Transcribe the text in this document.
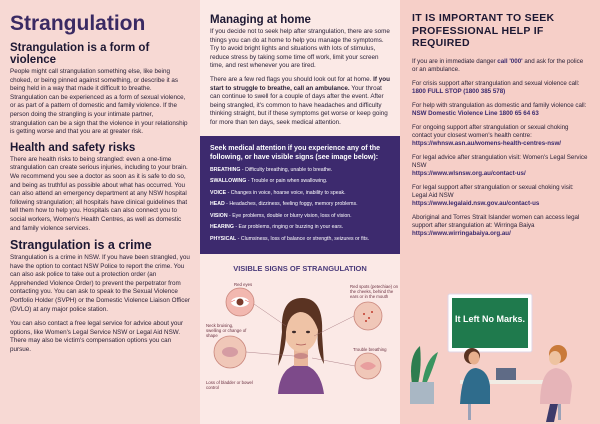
Strangulation
Strangulation is a form of violence

People might call strangulation something else, like being choked, or being pinned against something, or describe it as being held in a way that made it difficult to breathe. Strangulation can be experienced as a form of sexual violence, or as part of a pattern of domestic and family violence. If the person doing the strangling is your intimate partner, strangulation can be a sign that the violence in your relationship is getting worse and that you are at greater risk.

Health and safety risks

There are health risks to being strangled: even a one-time strangulation can create serious injuries, including to your brain. We recommend you see a doctor as soon as it is safe to do so, and being as truthful as possible about what has occurred. You can also attend an emergency department at any NSW hospital following strangulation; all hospitals have clinical guidelines that tell them how to help you. Hospitals can also connect you to social workers, Women's Health Centres, as well as domestic and family violence services.

Strangulation is a crime

Strangulation is a crime in NSW. If you have been strangled, you have the option to contact NSW Police to report the crime. You can also ask police to take out a protection order (an Apprehended Violence Order) to prevent the perpetrator from contacting you. You can ask to speak to the Sexual Violence Portfolio Holder (SVPH) or the Domestic Violence Liaison Officer (DVLO) at any major police station.

You can also contact a free legal service for advice about your options, like Women's Legal Service NSW or Legal Aid NSW. There may also be victim's compensation options you can pursue.

Managing at home

If you decide not to seek help after strangulation, there are some things you can do at home to help you manage the symptoms. Try to avoid bright lights and situations with lots of stimulus, reduce stress by taking some time off work, limit your screen time, and rest whenever you are tired.

There are a few red flags you should look out for at home. If you start to struggle to breathe, call an ambulance. Your throat can continue to swell for a couple of days after the event. After being strangled, it's common to have headaches and difficulty thinking straight, but if these symptoms get worse or keep going for more than ten days, seek medical attention.

Seek medical attention if you experience any of the following, or have visible signs (see image below):
BREATHING - Difficulty breathing, unable to breathe.
SWALLOWING - Trouble or pain when swallowing.
VOICE - Changes in voice, hoarse voice, inability to speak.
HEAD - Headaches, dizziness, feeling foggy, memory problems.
VISION - Eye problems, double or blurry vision, loss of vision.
HEARING - Ear problems, ringing or buzzing in your ears.
PHYSICAL - Clumsiness, loss of balance or strength, seizures or fits.
VISIBLE SIGNS OF STRANGULATION
Red eyes
Neck bruising, swelling or change of shape
Loss of bladder or bowel control
Red spots (petechiae) on the cheeks, behind the ears or in the mouth
Trouble breathing
IT IS IMPORTANT TO SEEK PROFESSIONAL HELP IF REQUIRED
If you are in immediate danger call '000' and ask for the police or an ambulance.
For crisis support after strangulation and sexual violence call:
1800 FULL STOP (1800 385 578)
For help with strangulation as domestic and family violence call:
NSW Domestic Violence Line 1800 65 64 63
For ongoing support after strangulation or sexual choking contact your closest women's health centre:
https://whnsw.asn.au/womens-health-centres-nsw/
For legal advice after strangulation visit: Women's Legal Service NSW
https://www.wlsnsw.org.au/contact-us/
For legal support after strangulation or sexual choking visit: Legal Aid NSW
https://www.legalaid.nsw.gov.au/contact-us
Aboriginal and Torres Strait Islander women can access legal support after strangulation at: Wirringa Baiya
https://www.wirringabaiya.org.au/
It Left No Marks.
